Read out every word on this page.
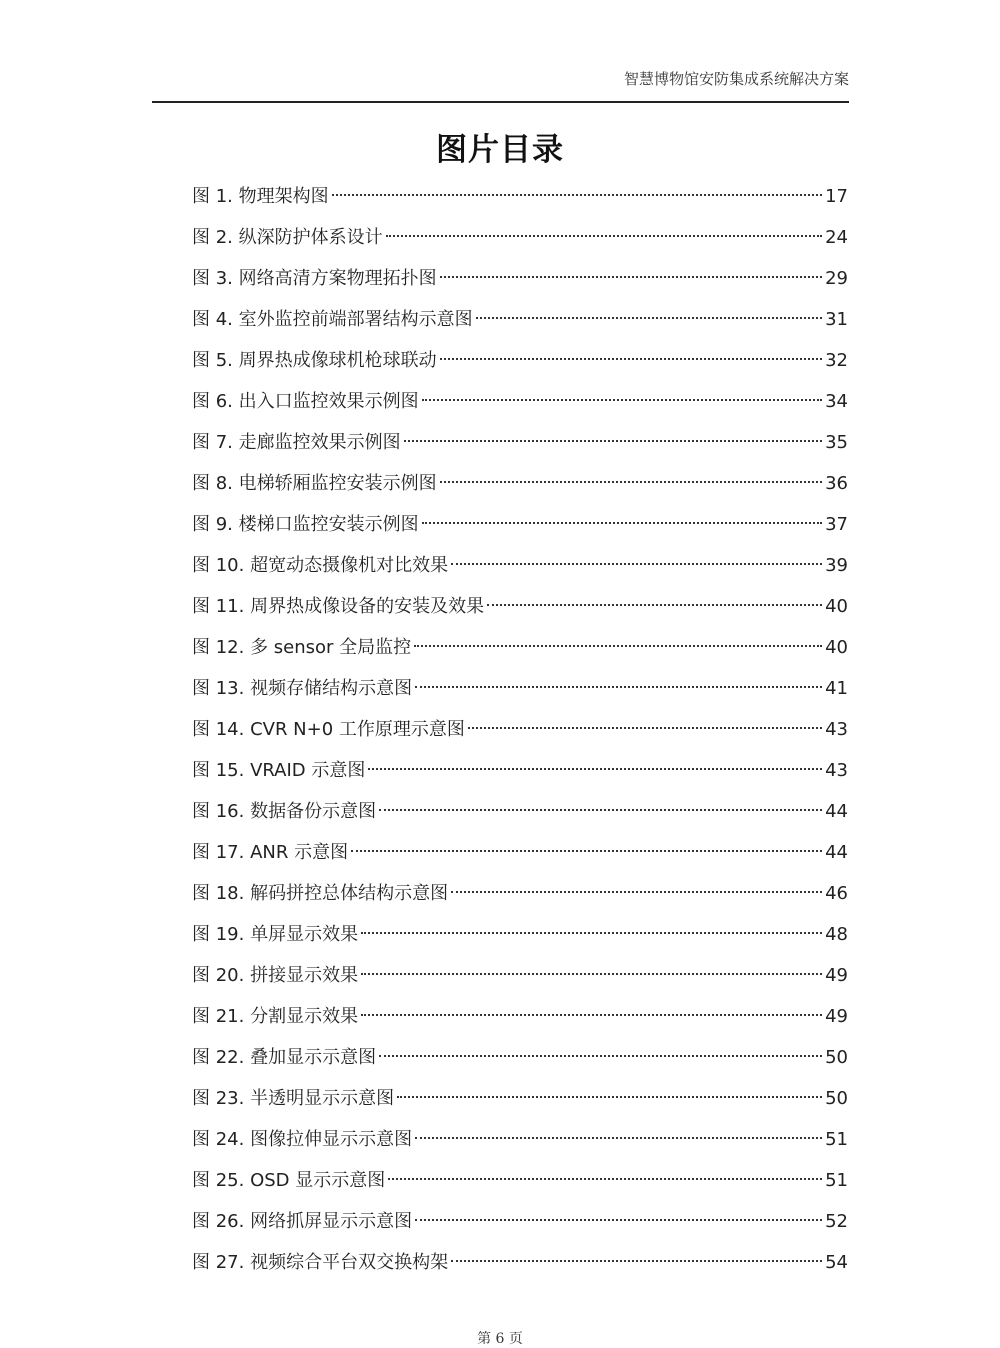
智慧博物馆安防集成系统解决方案
图片目录
图 1. 物理架构图	17
图 2. 纵深防护体系设计	24
图 3. 网络高清方案物理拓扑图	29
图 4. 室外监控前端部署结构示意图	31
图 5. 周界热成像球机枪球联动	32
图 6. 出入口监控效果示例图	34
图 7. 走廊监控效果示例图	35
图 8. 电梯轿厢监控安装示例图	36
图 9. 楼梯口监控安装示例图	37
图 10. 超宽动态摄像机对比效果	39
图 11. 周界热成像设备的安装及效果	40
图 12. 多 sensor 全局监控	40
图 13. 视频存储结构示意图	41
图 14. CVR N+0 工作原理示意图	43
图 15. VRAID 示意图	43
图 16. 数据备份示意图	44
图 17. ANR 示意图	44
图 18. 解码拼控总体结构示意图	46
图 19. 单屏显示效果	48
图 20. 拼接显示效果	49
图 21. 分割显示效果	49
图 22. 叠加显示示意图	50
图 23. 半透明显示示意图	50
图 24. 图像拉伸显示示意图	51
图 25. OSD 显示示意图	51
图 26. 网络抓屏显示示意图	52
图 27. 视频综合平台双交换构架	54
第 6 页
